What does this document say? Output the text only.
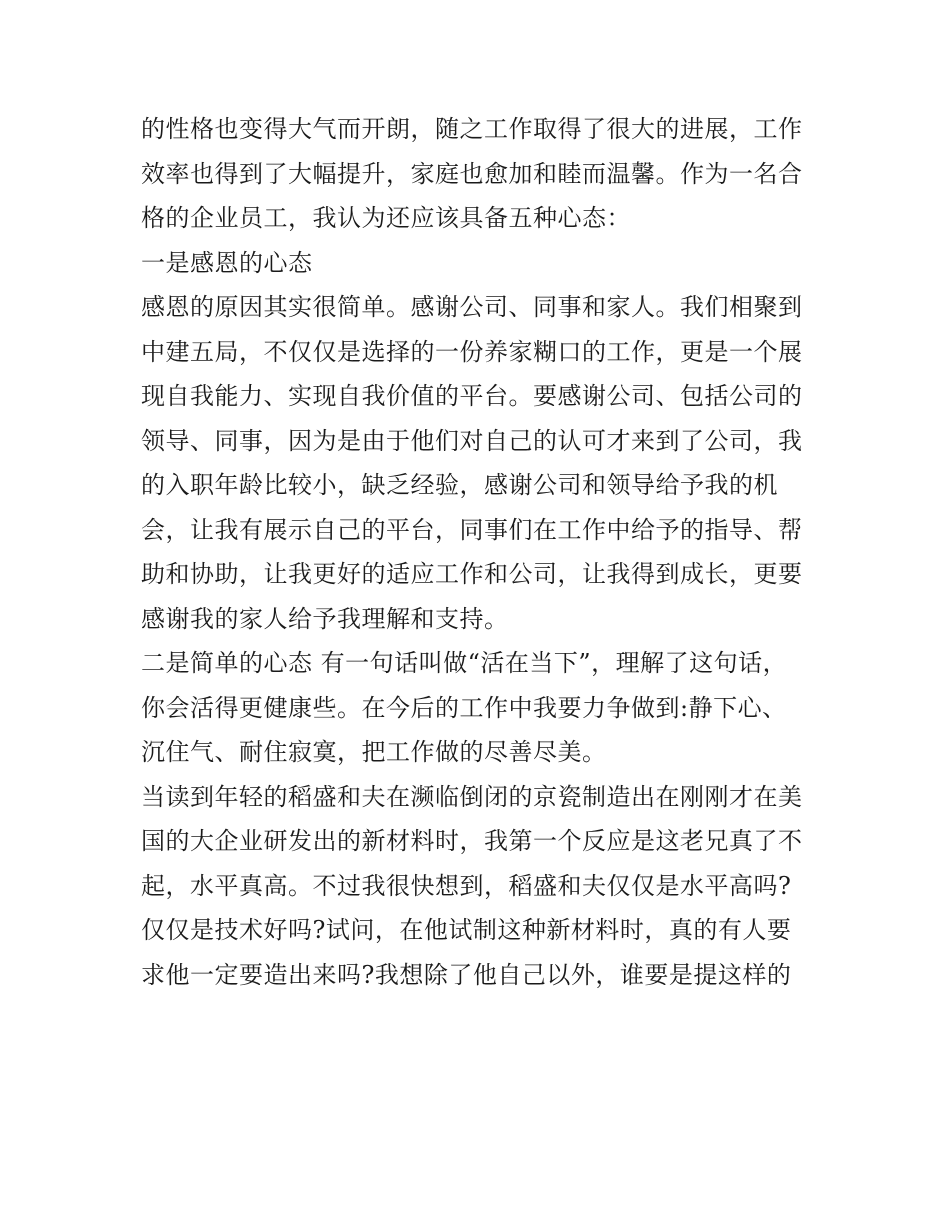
的性格也变得大气而开朗，随之工作取得了很大的进展，工作

效率也得到了大幅提升，家庭也愈加和睦而温馨。作为一名合

格的企业员工，我认为还应该具备五种心态：

一是感恩的心态

感恩的原因其实很简单。感谢公司、同事和家人。我们相聚到

中建五局，不仅仅是选择的一份养家糊口的工作，更是一个展

现自我能力、实现自我价值的平台。要感谢公司、包括公司的

领导、同事，因为是由于他们对自己的认可才来到了公司，我

的入职年龄比较小，缺乏经验，感谢公司和领导给予我的机

会，让我有展示自己的平台，同事们在工作中给予的指导、帮

助和协助，让我更好的适应工作和公司，让我得到成长，更要

感谢我的家人给予我理解和支持。

二是简单的心态 有一句话叫做“活在当下”，理解了这句话，

你会活得更健康些。在今后的工作中我要力争做到:静下心、

沉住气、耐住寂寞，把工作做的尽善尽美。

当读到年轻的稻盛和夫在濒临倒闭的京瓷制造出在刚刚才在美

国的大企业研发出的新材料时，我第一个反应是这老兄真了不

起，水平真高。不过我很快想到，稻盛和夫仅仅是水平高吗?

仅仅是技术好吗?试问，在他试制这种新材料时，真的有人要

求他一定要造出来吗?我想除了他自己以外，谁要是提这样的
